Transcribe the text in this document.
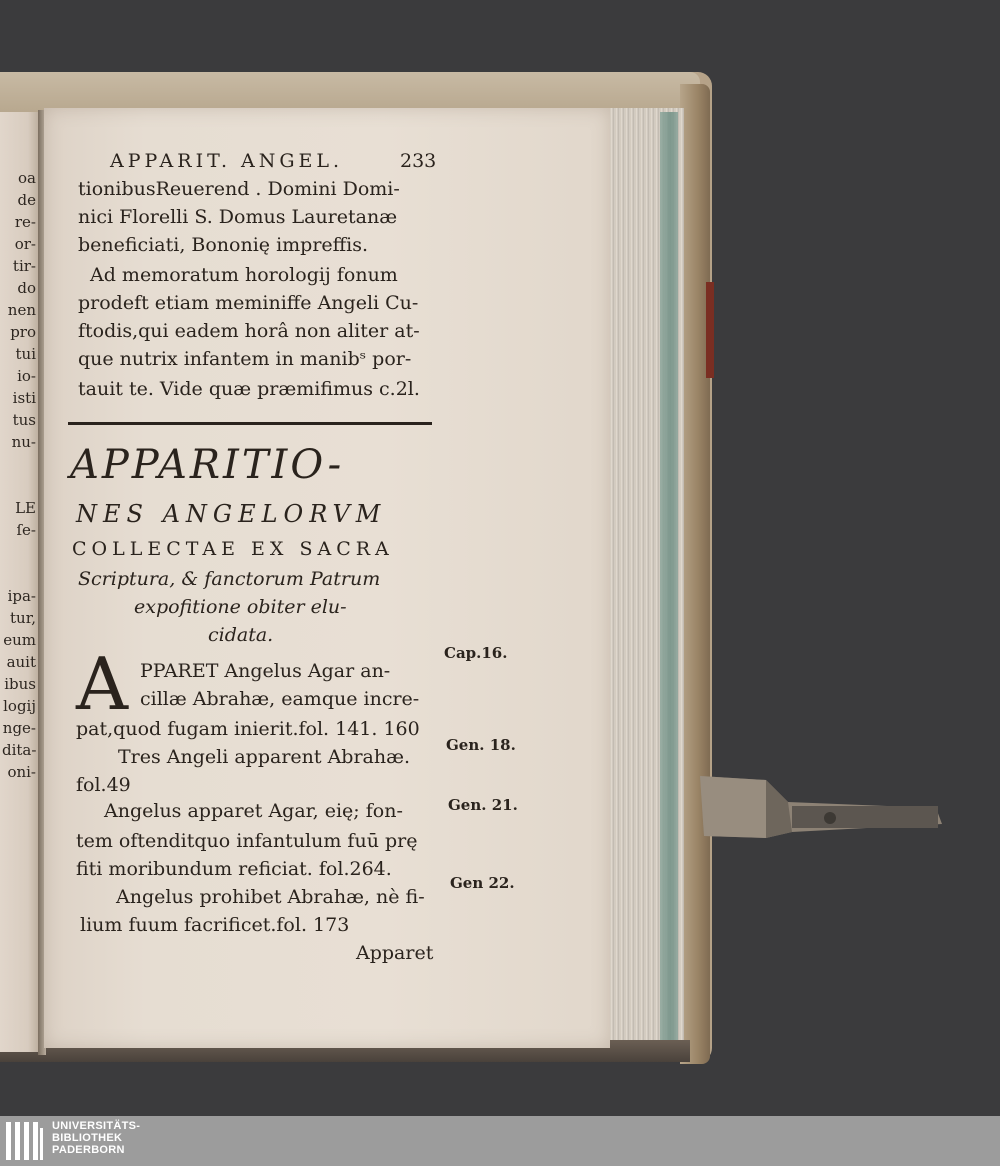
oa
de
re-
or-
tir-
do
nen
pro
tui
io-
isti
tus
nu-

LE
ſe-

ipa-
tur,
eum
auit
ibus
logij
nge-
dita-
oni-
APPARIT. ANGEL.	233
tionibusReuerend . Domini Domi-
nici Florelli S. Domus Lauretanæ
beneficiati, Bononię impreffis.
Ad memoratum horologij fonum
prodeft etiam meminiffe Angeli Cu-
ftodis,qui eadem horâ non aliter at-
que nutrix infantem in manibˢ por-
tauit te. Vide quæ præmifimus c.2l.
APPARITIO-
NES ANGELORVM
COLLECTAE EX SACRA
Scriptura, & fanctorum Patrum
expofitione obiter elu-
cidata.
A PPARET Angelus Agar an-
cillæ Abrahæ, eamque incre-
pat,quod fugam inierit.fol. 141. 160
Tres Angeli apparent Abrahæ.
fol.49
Angelus apparet Agar, eię; fon-
tem oftenditquo infantulum fuū prę
fiti moribundum reficiat. fol.264.
Angelus prohibet Abrahæ, nè fi-
lium fuum facrificet.fol. 173
Apparet
Cap.16.
Gen. 18.
Gen. 21.
Gen 22.
UNIVERSITÄTS-
BIBLIOTHEK
PADERBORN
